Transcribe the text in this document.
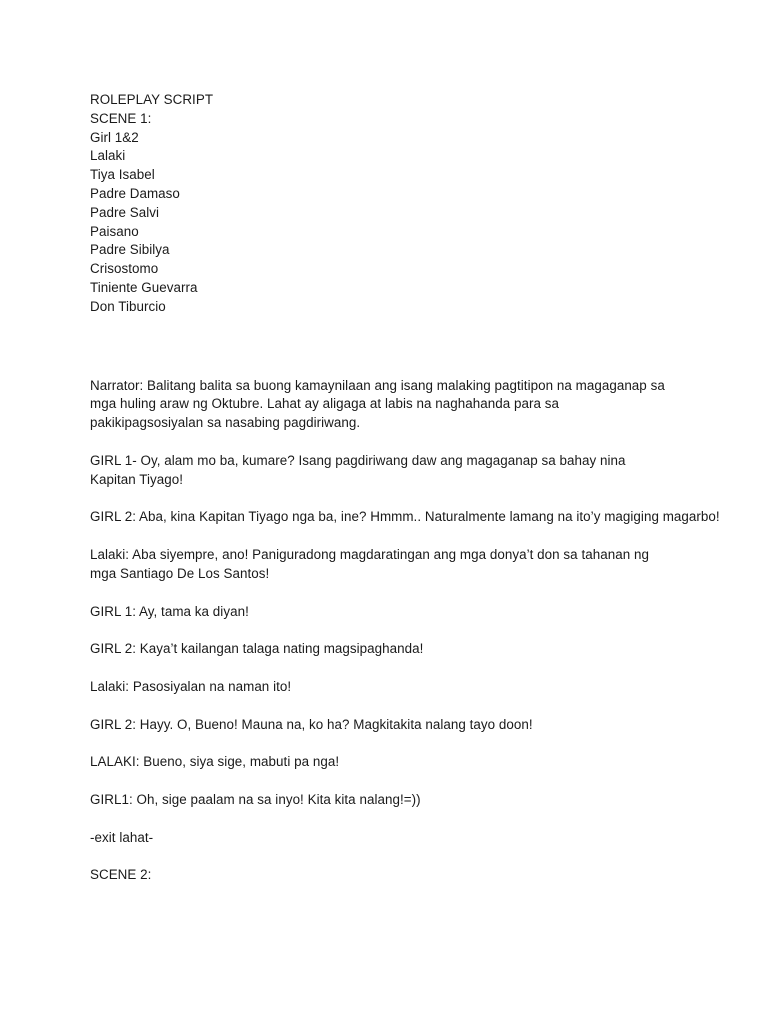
ROLEPLAY SCRIPT
SCENE 1:
Girl 1&2
Lalaki
Tiya Isabel
Padre Damaso
Padre Salvi
Paisano
Padre Sibilya
Crisostomo
Tiniente Guevarra
Don Tiburcio

Narrator: Balitang balita sa buong kamaynilaan ang isang malaking pagtitipon na magaganap sa mga huling araw ng Oktubre. Lahat ay aligaga at labis na naghahanda para sa pakikipagsosiyalan sa nasabing pagdiriwang.

GIRL 1- Oy, alam mo ba, kumare? Isang pagdiriwang daw ang magaganap sa bahay nina Kapitan Tiyago!

GIRL 2: Aba, kina Kapitan Tiyago nga ba, ine? Hmmm.. Naturalmente lamang na ito’y magiging magarbo!

Lalaki: Aba siyempre, ano! Paniguradong magdaratingan ang mga donya’t don sa tahanan ng mga Santiago De Los Santos!

GIRL 1: Ay, tama ka diyan!

GIRL 2: Kaya’t kailangan talaga nating magsipaghanda!

Lalaki: Pasosiyalan na naman ito!

GIRL 2: Hayy. O, Bueno! Mauna na, ko ha? Magkitakita nalang tayo doon!

LALAKI: Bueno, siya sige, mabuti pa nga!

GIRL1: Oh, sige paalam na sa inyo! Kita kita nalang!=))

-exit lahat-

SCENE 2:
